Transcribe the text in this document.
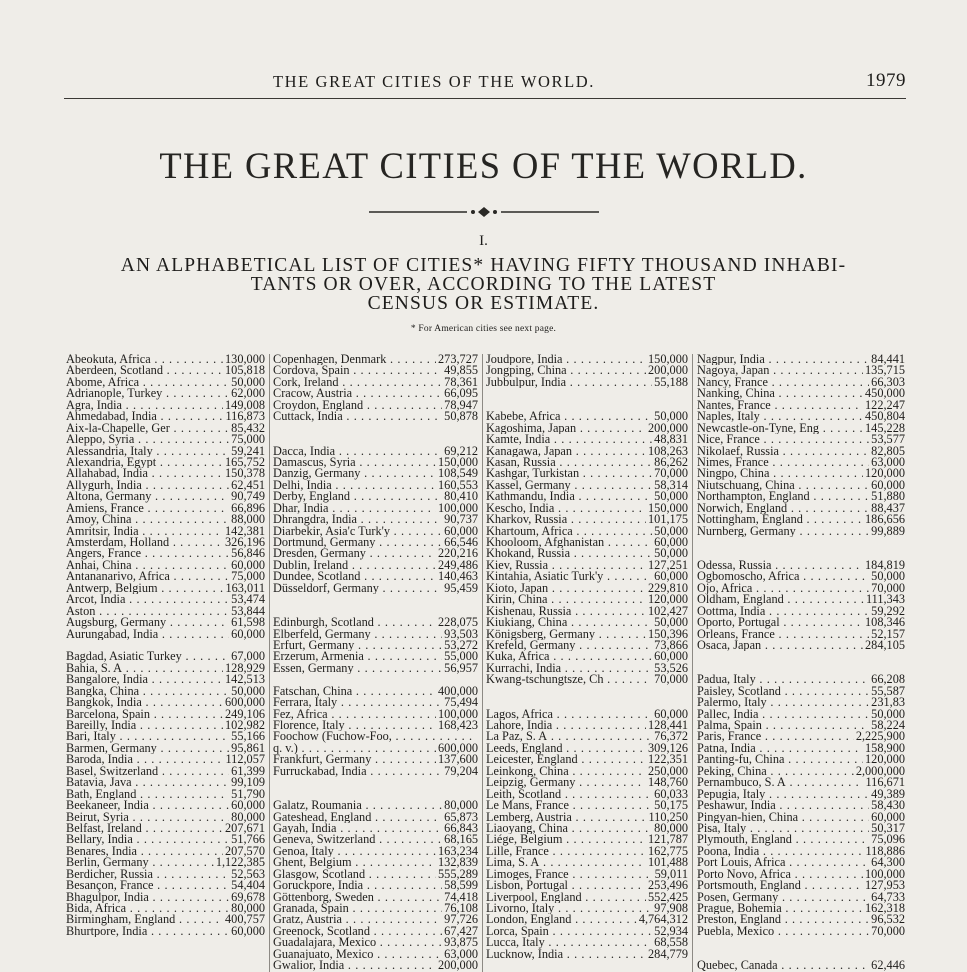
THE GREAT CITIES OF THE WORLD.	1979
THE GREAT CITIES OF THE WORLD.
I.
AN ALPHABETICAL LIST OF CITIES* HAVING FIFTY THOUSAND INHABI-
TANTS OR OVER, ACCORDING TO THE LATEST
CENSUS OR ESTIMATE.
* For American cities see next page.
Abeokuta, Africa . . .	130,000
Aberdeen, Scotland . . .	105,818
Abome, Africa . . .	50,000
Adrianople, Turkey . . .	62,000
Agra, India . . .	149,008
Ahmedabad, India . . .	116,873
Aix-la-Chapelle, Ger . . .	85,432
Aleppo, Syria . . .	75,000
Alessandria, Italy . . .	59,241
Alexandria, Egypt . . .	165,752
Allahabad, India . . .	150,378
Allygurh, India . . .	62,451
Altona, Germany . . .	90,749
Amiens, France . . .	66,896
Amoy, China . . .	88,000
Amritsir, India . . .	142,381
Amsterdam, Holland . . .	326,196
Angers, France . . .	56,846
Anhai, China . . .	60,000
Antananarivo, Africa . . .	75,000
Antwerp, Belgium . . .	163,011
Arcot, India . . .	53,474
Aston . . .	53,844
Augsburg, Germany . . .	61,598
Aurungabad, India . . .	60,000
Bagdad, Asiatic Turkey . . .	67,000
Bahia, S. A . . .	128,929
Bangalore, India . . .	142,513
Bangka, China . . .	50,000
Bangkok, India . . .	600,000
Barcelona, Spain . . .	249,106
Bareilly, India . . .	102,982
Bari, Italy . . .	55,166
Barmen, Germany . . .	95,861
Baroda, India . . .	112,057
Basel, Switzerland . . .	61,399
Batavia, Java . . .	99,109
Bath, England . . .	51,790
Beekaneer, India . . .	60,000
Beirut, Syria . . .	80,000
Belfast, Ireland . . .	207,671
Bellary, India . . .	51,766
Benares, India . . .	207,570
Berlin, Germany . . .	1,122,385
Berdicher, Russia . . .	52,563
Besançon, France . . .	54,404
Bhagulpor, India . . .	69,678
Bida, Africa . . .	80,000
Birmingham, England . . .	400,757
Bhurtpore, India . . .	60,000
Copenhagen, Denmark . . .	273,727
Cordova, Spain . . .	49,855
Cork, Ireland . . .	78,361
Cracow, Austria . . .	66,095
Croydon, England . . .	78,947
Cuttack, India . . .	50,878
Dacca, India . . .	69,212
Damascus, Syria . . .	150,000
Danzig, Germany . . .	108,549
Delhi, India . . .	160,553
Derby, England . . .	80,410
Dhar, India . . .	100,000
Dhrangdra, India . . .	90,737
Diarbekir, Asia'c Turk'y . . .	60,000
Dortmund, Germany . . .	66,546
Dresden, Germany . . .	220,216
Dublin, Ireland . . .	249,486
Dundee, Scotland . . .	140,463
Düsseldorf, Germany . . .	95,459
Edinburgh, Scotland . . .	228,075
Elberfeld, Germany . . .	93,503
Erfurt, Germany . . .	53,272
Erzerum, Armenia . . .	55,000
Essen, Germany . . .	56,957
Fatschan, China . . .	400,000
Ferrara, Italy . . .	75,494
Fez, Africa . . .	100,000
Florence, Italy . . .	168,423
Foochow (Fuchow-Foo, . . .
q. v.) . . .	600,000
Frankfurt, Germany . . .	137,600
Furruckabad, India . . .	79,204
Galatz, Roumania . . .	80,000
Gateshead, England . . .	65,873
Gayah, India . . .	66,843
Geneva, Switzerland . . .	68,165
Genoa, Italy . . .	163,234
Ghent, Belgium . . .	132,839
Glasgow, Scotland . . .	555,289
Goruckpore, India . . .	58,599
Göttenborg, Sweden . . .	74,418
Granada, Spain . . .	76,108
Gratz, Austria . . .	97,726
Greenock, Scotland . . .	67,427
Guadalajara, Mexico . . .	93,875
Guanajuato, Mexico . . .	63,000
Gwalior, India . . .	200,000
Joudpore, India . . .	150,000
Jongping, China . . .	200,000
Jubbulpur, India . . .	55,188
Kabebe, Africa . . .	50,000
Kagoshima, Japan . . .	200,000
Kamte, India . . .	48,831
Kanagawa, Japan . . .	108,263
Kasan, Russia . . .	86,262
Kashgar, Turkistan . . .	70,000
Kassel, Germany . . .	58,314
Kathmandu, India . . .	50,000
Kescho, India . . .	150,000
Kharkov, Russia . . .	101,175
Khartoum, Africa . . .	50,000
Khooloom, Afghanistan . . .	60,000
Khokand, Russia . . .	50,000
Kiev, Russia . . .	127,251
Kintahia, Asiatic Turk'y . . .	60,000
Kioto, Japan . . .	229,810
Kirin, China . . .	120,000
Kishenau, Russia . . .	102,427
Kiukiang, China . . .	50,000
Königsberg, Germany . . .	150,396
Krefeld, Germany . . .	73,866
Kuka, Africa . . .	60,000
Kurrachi, India . . .	53,526
Kwang-tschungtsze, Ch . . .	70,000
Lagos, Africa . . .	60,000
Lahore, India . . .	128,441
La Paz, S. A . . .	76,372
Leeds, England . . .	309,126
Leicester, England . . .	122,351
Leinkong, China . . .	250,000
Leipzig, Germany . . .	148,760
Leith, Scotland . . .	60,033
Le Mans, France . . .	50,175
Lemberg, Austria . . .	110,250
Liaoyang, China . . .	80,000
Liége, Belgium . . .	121,787
Lille, France . . .	162,775
Lima, S. A . . .	101,488
Limoges, France . . .	59,011
Lisbon, Portugal . . .	253,496
Liverpool, England . . .	552,425
Livorno, Italy . . .	97,908
London, England . . .	4,764,312
Lorca, Spain . . .	52,934
Lucca, Italy . . .	68,558
Lucknow, India . . .	284,779
Nagpur, India . . .	84,441
Nagoya, Japan . . .	135,715
Nancy, France . . .	66,303
Nanking, China . . .	450,000
Nantes, France . . .	122,247
Naples, Italy . . .	450,804
Newcastle-on-Tyne, Eng . . .	145,228
Nice, France . . .	53,577
Nikolaef, Russia . . .	82,805
Nimes, France . . .	63,000
Ningpo, China . . .	120,000
Niutschuang, China . . .	60,000
Northampton, England . . .	51,880
Norwich, England . . .	88,437
Nottingham, England . . .	186,656
Nurnberg, Germany . . .	99,889
Odessa, Russia . . .	184,819
Ogbomoscho, Africa . . .	50,000
Ojo, Africa . . .	70,000
Oldham, England . . .	111,343
Oottma, India . . .	59,292
Oporto, Portugal . . .	108,346
Orleans, France . . .	52,157
Osaca, Japan . . .	284,105
Padua, Italy . . .	66,208
Paisley, Scotland . . .	55,587
Palermo, Italy . . .	231,83
Pallec, India . . .	50,000
Palma, Spain . . .	58,224
Paris, France . . .	2,225,900
Patna, India . . .	158,900
Panting-fu, China . . .	120,000
Peking, China . . .	2,000,000
Pernambuco, S. A . . .	116,671
Pepugia, Italy . . .	49,389
Peshawur, India . . .	58,430
Pingyan-hien, China . . .	60,000
Pisa, Italy . . .	50,317
Plymouth, England . . .	75,096
Poona, India . . .	118,886
Port Louis, Africa . . .	64,300
Porto Novo, Africa . . .	100,000
Portsmouth, England . . .	127,953
Posen, Germany . . .	64,733
Prague, Bohemia . . .	162,318
Preston, England . . .	96,532
Puebla, Mexico . . .	70,000
Quebec, Canada . . .	62,446
